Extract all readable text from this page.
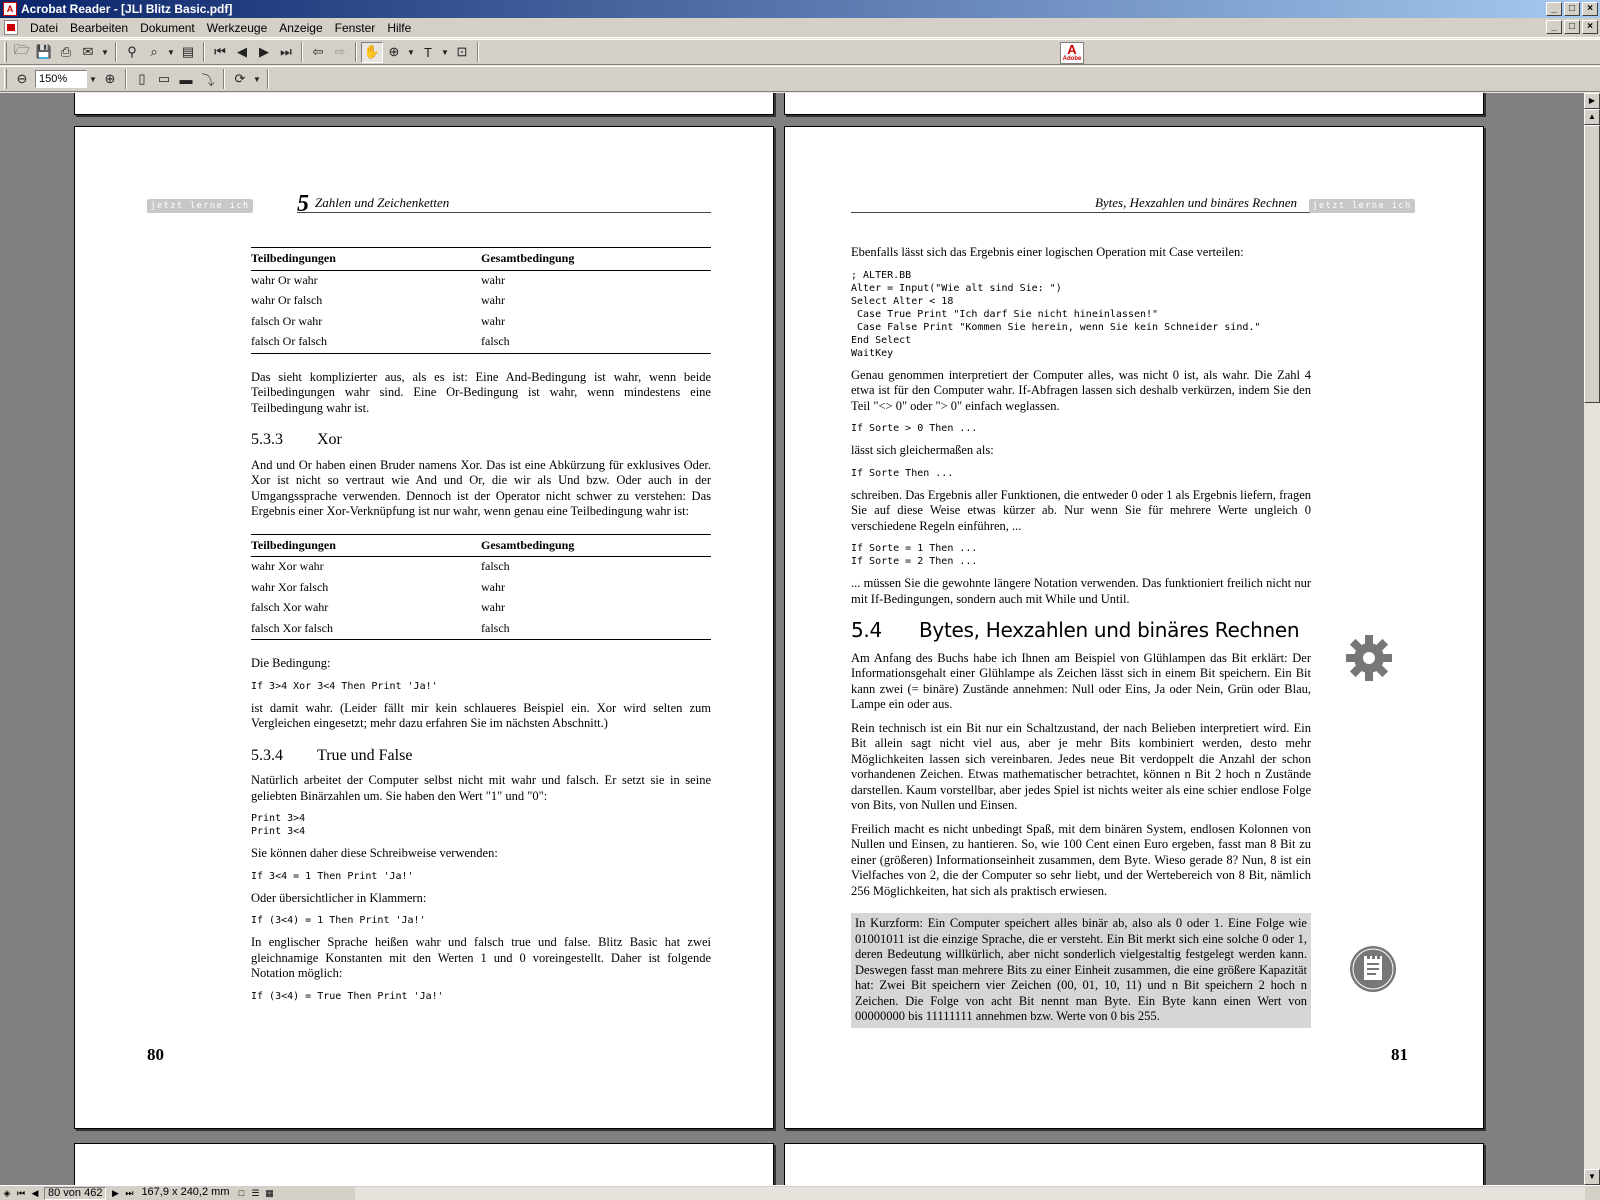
A Acrobat Reader - [JLI Blitz Basic.pdf]	_	□	×
Datei	Bearbeiten	Dokument	Werkzeuge	Anzeige	Fenster	Hilfe	_	□	×
🗁 💾 ⎙ ✉ ▼	⚲	⌕	▼ ▤	⏮ ◀ ▶ ⏭	⇦ ⇨	✋ ⊕ ▼ T	▼ ⊡	A
Adobe
⊖	150%	▼ ⊕	▯ ▭ ▬ ⤵	⟳ ▼
jetzt lerne ich 5 Zahlen und Zeichenketten
Teilbedingungen	Gesamtbedingung
wahr Or wahr	wahr
wahr Or falsch	wahr
falsch Or wahr	wahr
falsch Or falsch	falsch

Das sieht komplizierter aus, als es ist: Eine And-Bedingung ist wahr, wenn beide Teilbedingungen wahr sind. Eine Or-Bedingung ist wahr, wenn mindestens eine Teilbedingung wahr ist.

5.3.3 Xor

And und Or haben einen Bruder namens Xor. Das ist eine Abkürzung für exklusives Oder. Xor ist nicht so vertraut wie And und Or, die wir als Und bzw. Oder auch in der Umgangssprache verwenden. Dennoch ist der Operator nicht schwer zu verstehen: Das Ergebnis einer Xor-Verknüpfung ist nur wahr, wenn genau eine Teilbedingung wahr ist:

Teilbedingungen	Gesamtbedingung
wahr Xor wahr	falsch
wahr Xor falsch	wahr
falsch Xor wahr	wahr
falsch Xor falsch	falsch

Die Bedingung:

If 3>4 Xor 3<4 Then Print 'Ja!'

ist damit wahr. (Leider fällt mir kein schlaueres Beispiel ein. Xor wird selten zum Vergleichen eingesetzt; mehr dazu erfahren Sie im nächsten Abschnitt.)

5.3.4 True und False

Natürlich arbeitet der Computer selbst nicht mit wahr und falsch. Er setzt sie in seine geliebten Binärzahlen um. Sie haben den Wert "1" und "0":

Print 3>4
Print 3<4

Sie können daher diese Schreibweise verwenden:

If 3<4 = 1 Then Print 'Ja!'

Oder übersichtlicher in Klammern:

If (3<4) = 1 Then Print 'Ja!'

In englischer Sprache heißen wahr und falsch true und false. Blitz Basic hat zwei gleichnamige Konstanten mit den Werten 1 und 0 voreingestellt. Daher ist folgende Notation möglich:

If (3<4) = True Then Print 'Ja!'
80
Bytes, Hexzahlen und binäres Rechnen	jetzt lerne ich

Ebenfalls lässt sich das Ergebnis einer logischen Operation mit Case verteilen:

; ALTER.BB
Alter = Input("Wie alt sind Sie: ")
Select Alter < 18
Case True Print "Ich darf Sie nicht hineinlassen!"
Case False Print "Kommen Sie herein, wenn Sie kein Schneider sind."
End Select
WaitKey

Genau genommen interpretiert der Computer alles, was nicht 0 ist, als wahr. Die Zahl 4 etwa ist für den Computer wahr. If-Abfragen lassen sich deshalb verkürzen, indem Sie den Teil "<> 0" oder "> 0" einfach weglassen.

If Sorte > 0 Then ...

lässt sich gleichermaßen als:

If Sorte Then ...

schreiben. Das Ergebnis aller Funktionen, die entweder 0 oder 1 als Ergebnis liefern, fragen Sie auf diese Weise etwas kürzer ab. Nur wenn Sie für mehrere Werte ungleich 0 verschiedene Regeln einführen, ...

If Sorte = 1 Then ...
If Sorte = 2 Then ...

... müssen Sie die gewohnte längere Notation verwenden. Das funktioniert freilich nicht nur mit If-Bedingungen, sondern auch mit While und Until.

5.4 Bytes, Hexzahlen und binäres Rechnen

Am Anfang des Buchs habe ich Ihnen am Beispiel von Glühlampen das Bit erklärt: Der Informationsgehalt einer Glühlampe als Zeichen lässt sich in einem Bit speichern. Ein Bit kann zwei (= binäre) Zustände annehmen: Null oder Eins, Ja oder Nein, Grün oder Blau, Lampe ein oder aus.

Rein technisch ist ein Bit nur ein Schaltzustand, der nach Belieben interpretiert wird. Ein Bit allein sagt nicht viel aus, aber je mehr Bits kombiniert werden, desto mehr Möglichkeiten lassen sich vereinbaren. Jedes neue Bit verdoppelt die Anzahl der schon vorhandenen Zeichen. Etwas mathematischer betrachtet, können n Bit 2 hoch n Zustände darstellen. Kaum vorstellbar, aber jedes Spiel ist nichts weiter als eine schier endlose Folge von Bits, von Nullen und Einsen.

Freilich macht es nicht unbedingt Spaß, mit dem binären System, endlosen Kolonnen von Nullen und Einsen, zu hantieren. So, wie 100 Cent einen Euro ergeben, fasst man 8 Bit zu einer (größeren) Informationseinheit zusammen, dem Byte. Wieso gerade 8? Nun, 8 ist ein Vielfaches von 2, die der Computer so sehr liebt, und der Wertebereich von 8 Bit, nämlich 256 Möglichkeiten, hat sich als praktisch erwiesen.

In Kurzform: Ein Computer speichert alles binär ab, also als 0 oder 1. Eine Folge wie 01001011 ist die einzige Sprache, die er versteht. Ein Bit merkt sich eine solche 0 oder 1, deren Bedeutung willkürlich, aber nicht sonderlich vielgestaltig festgelegt werden kann. Deswegen fasst man mehrere Bits zu einer Einheit zusammen, die eine größere Kapazität hat: Zwei Bit speichern vier Zeichen (00, 01, 10, 11) und n Bit speichern 2 hoch n Zeichen. Die Folge von acht Bit nennt man Byte. Ein Byte kann einen Wert von 00000000 bis 11111111 annehmen bzw. Werte von 0 bis 255.

81
▶
▲
▼
◈ ⏮ ◀ 80 von 462	▶ ⏭ 167,9 x 240,2 mm	□ ☰ ▦
